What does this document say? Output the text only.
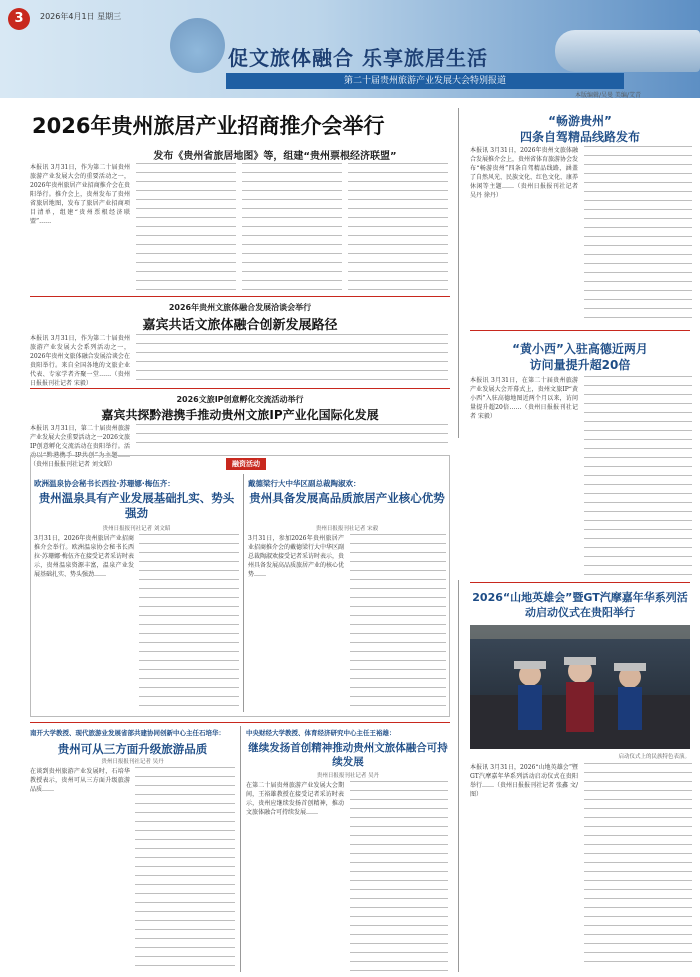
3	2026年4月1日 星期三
促文旅体融合 乐享旅居生活
第二十届贵州旅游产业发展大会特别报道
本版编辑/吴曼 美编/艾青
2026年贵州旅居产业招商推介会举行
发布《贵州省旅居地图》等，组建“贵州票根经济联盟”
本报讯 3月31日，作为第二十届贵州旅游产业发展大会的重要活动之一，2026年贵州旅居产业招商推介会在贵阳举行。推介会上，贵州发布了贵州省旅居地图，发布了旅居产业招商项目清单，组建“贵州票根经济联盟”……
“畅游贵州”
四条自驾精品线路发布
本报讯 3月31日，2026年贵州文旅体融合发展推介会上，贵州省体育旅游协会发布“畅游贵州”四条自驾精品线路，涵盖了自然风光、民族文化、红色文化、康养休闲等主题……（贵州日报报刊社记者 吴丹 徐丹）
2026年贵州文旅体融合发展洽谈会举行
嘉宾共话文旅体融合创新发展路径
本报讯 3月31日，作为第二十届贵州旅游产业发展大会系列活动之一，2026年贵州文旅体融合发展洽谈会在贵阳举行。来自全国各地的文旅企业代表、专家学者齐聚一堂……（贵州日报报刊社记者 宋毅）
“黄小西”入驻高德近两月
访问量提升超20倍
本报讯 3月31日，在第二十届贵州旅游产业发展大会开幕式上，贵州文旅IP“黄小西”入驻高德地图近两个月以来，访问量提升超20倍……（贵州日报报刊社记者 宋毅）
2026文旅IP创意孵化交流活动举行
嘉宾共探黔港携手推动贵州文旅IP产业化国际化发展
本报讯 3月31日，第二十届贵州旅游产业发展大会重要活动之一2026文旅IP创意孵化交流活动在贵阳举行。活动以“黔港携手 IP共创”为主题……（贵州日报报刊社记者 刘文昭）	融资活动
欧洲温泉协会秘书长西拉·苏珊娜·梅伍齐：
贵州温泉具有产业发展基础扎实、势头强劲
贵州日报报刊社记者 刘文昭
3月31日，2026年贵州旅居产业招商推介会举行。欧洲温泉协会秘书长西拉·苏珊娜·梅伍齐在接受记者采访时表示，贵州温泉资源丰富，温泉产业发展基础扎实、势头强劲……
戴德梁行大中华区副总裁陶淑欢：
贵州具备发展高品质旅居产业核心优势
贵州日报报刊社记者 宋毅
3月31日，参加2026年贵州旅居产业招商推介会的戴德梁行大中华区副总裁陶淑欢接受记者采访时表示，贵州具备发展高品质旅居产业的核心优势……
2026“山地英雄会”暨GT汽摩嘉年华系列活动启动仪式在贵阳举行
启动仪式上的民族特色表演。
本报讯 3月31日，2026“山地英雄会”暨GT汽摩嘉年华系列活动启动仪式在贵阳举行……（贵州日报报刊社记者 张鑫 文/图）
南开大学教授、现代旅游业发展省部共建协同创新中心主任石培华：
贵州可从三方面升级旅游品质
贵州日报报刊社记者 吴丹
在谈到贵州旅游产业发展时，石培华教授表示，贵州可从三方面升级旅游品质……
中央财经大学教授、体育经济研究中心主任王裕雄：
继续发扬首创精神推动贵州文旅体融合可持续发展
贵州日报报刊社记者 吴丹
在第二十届贵州旅游产业发展大会期间，王裕雄教授在接受记者采访时表示，贵州应继续发扬首创精神，推动文旅体融合可持续发展……
